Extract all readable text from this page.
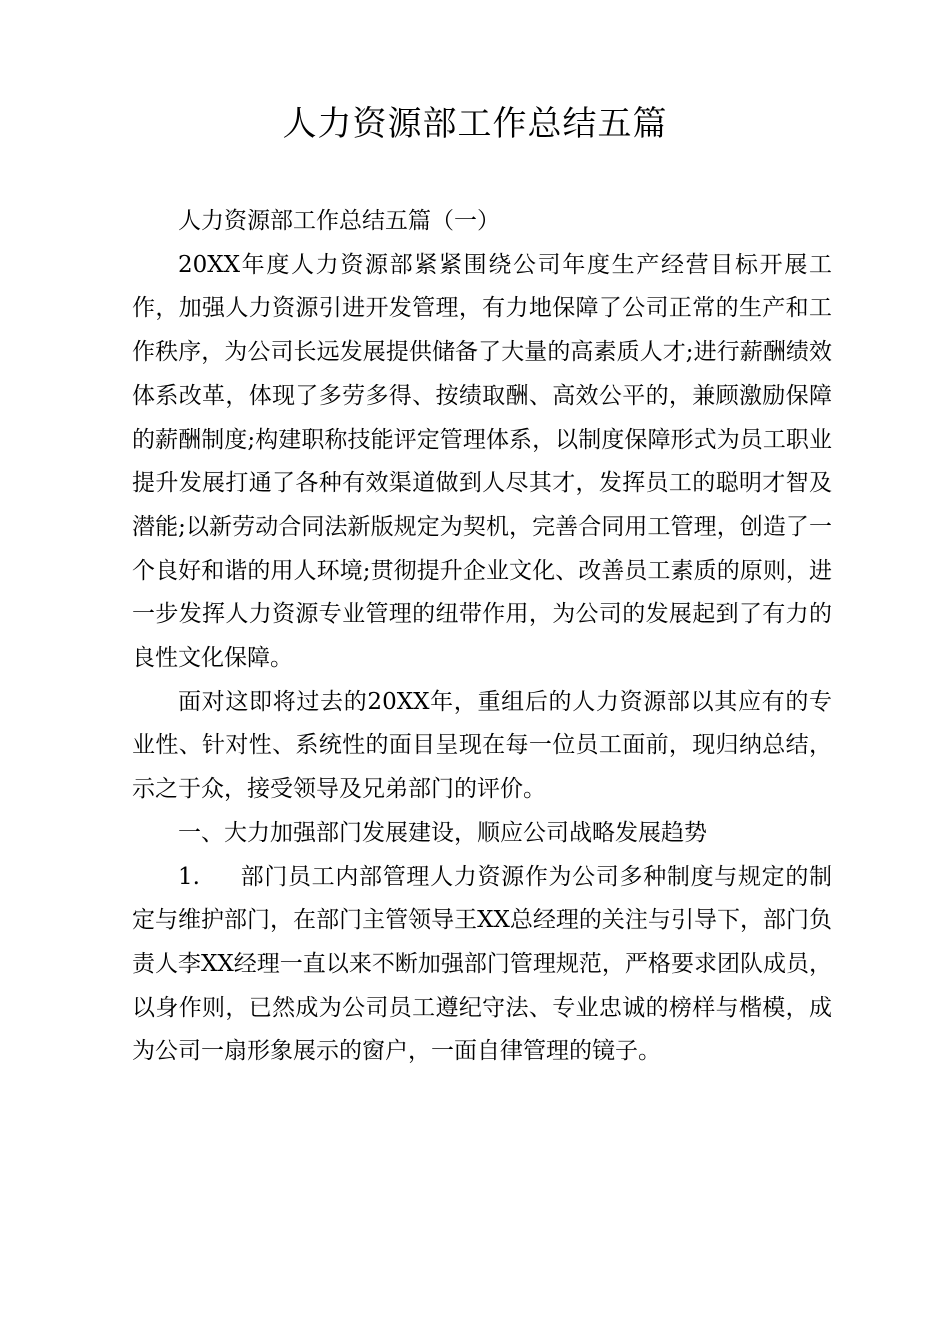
人力资源部工作总结五篇

人力资源部工作总结五篇（一）

20XX年度人力资源部紧紧围绕公司年度生产经营目标开展工作，加强人力资源引进开发管理，有力地保障了公司正常的生产和工作秩序，为公司长远发展提供储备了大量的高素质人才;进行薪酬绩效体系改革，体现了多劳多得、按绩取酬、高效公平的，兼顾激励保障的薪酬制度;构建职称技能评定管理体系，以制度保障形式为员工职业提升发展打通了各种有效渠道做到人尽其才，发挥员工的聪明才智及潜能;以新劳动合同法新版规定为契机，完善合同用工管理，创造了一个良好和谐的用人环境;贯彻提升企业文化、改善员工素质的原则，进一步发挥人力资源专业管理的纽带作用，为公司的发展起到了有力的良性文化保障。

面对这即将过去的20XX年，重组后的人力资源部以其应有的专业性、针对性、系统性的面目呈现在每一位员工面前，现归纳总结，示之于众，接受领导及兄弟部门的评价。

一、大力加强部门发展建设，顺应公司战略发展趋势

1. 部门员工内部管理人力资源作为公司多种制度与规定的制定与维护部门，在部门主管领导王XX总经理的关注与引导下，部门负责人李XX经理一直以来不断加强部门管理规范，严格要求团队成员，以身作则，已然成为公司员工遵纪守法、专业忠诚的榜样与楷模，成为公司一扇形象展示的窗户，一面自律管理的镜子。
